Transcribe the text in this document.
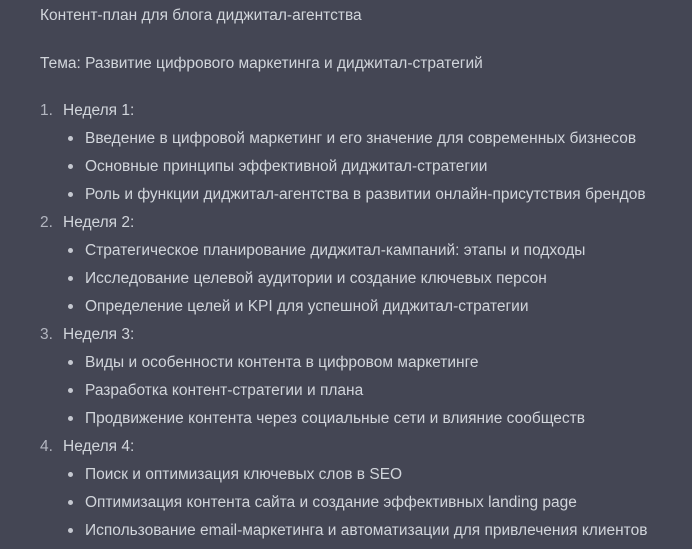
Контент-план для блога диджитал-агентства
Тема: Развитие цифрового маркетинга и диджитал-стратегий
1. Неделя 1:
Введение в цифровой маркетинг и его значение для современных бизнесов
Основные принципы эффективной диджитал-стратегии
Роль и функции диджитал-агентства в развитии онлайн-присутствия брендов
2. Неделя 2:
Стратегическое планирование диджитал-кампаний: этапы и подходы
Исследование целевой аудитории и создание ключевых персон
Определение целей и KPI для успешной диджитал-стратегии
3. Неделя 3:
Виды и особенности контента в цифровом маркетинге
Разработка контент-стратегии и плана
Продвижение контента через социальные сети и влияние сообществ
4. Неделя 4:
Поиск и оптимизация ключевых слов в SEO
Оптимизация контента сайта и создание эффективных landing page
Использование email-маркетинга и автоматизации для привлечения клиентов
